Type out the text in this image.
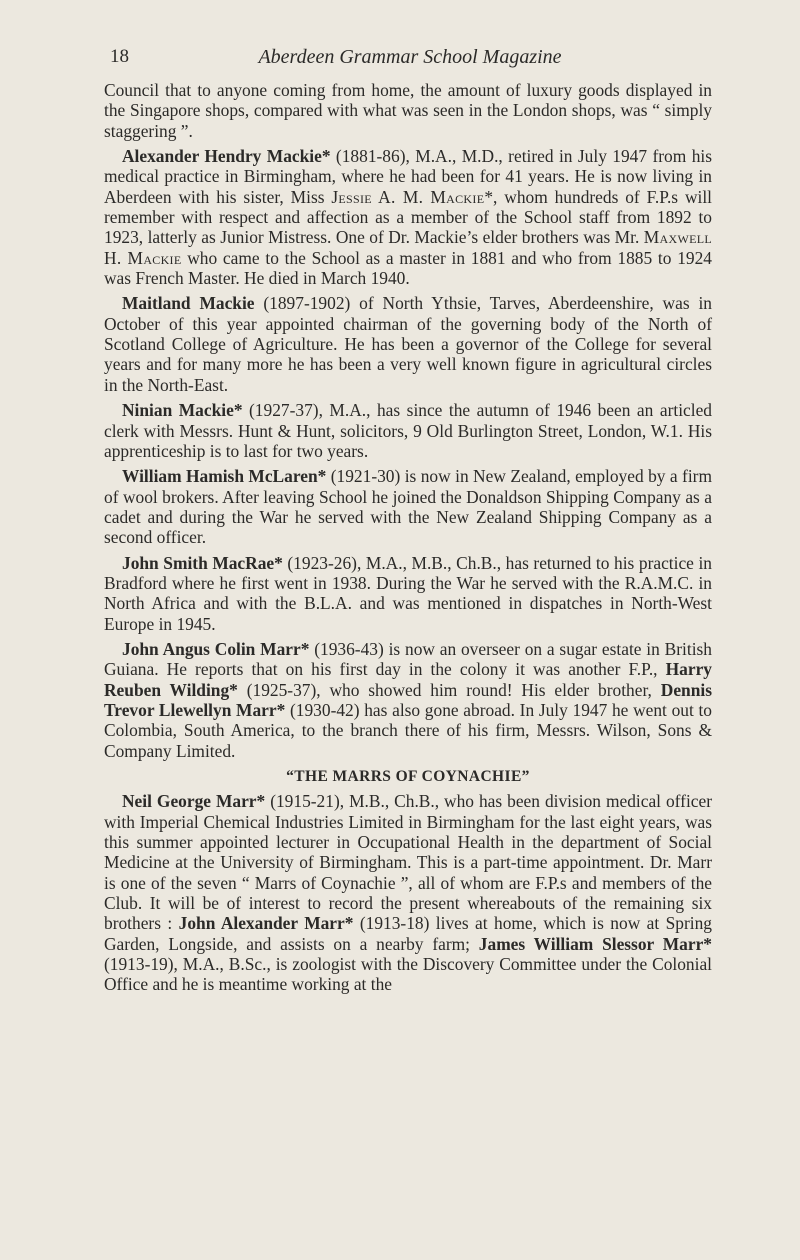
18	Aberdeen Grammar School Magazine

Council that to anyone coming from home, the amount of luxury goods displayed in the Singapore shops, compared with what was seen in the London shops, was “ simply staggering ”.

Alexander Hendry Mackie* (1881-86), M.A., M.D., retired in July 1947 from his medical practice in Birmingham, where he had been for 41 years. He is now living in Aberdeen with his sister, Miss Jessie A. M. Mackie*, whom hundreds of F.P.s will remember with respect and affection as a member of the School staff from 1892 to 1923, latterly as Junior Mistress. One of Dr. Mackie’s elder brothers was Mr. Maxwell H. Mackie who came to the School as a master in 1881 and who from 1885 to 1924 was French Master. He died in March 1940.

Maitland Mackie (1897-1902) of North Ythsie, Tarves, Aberdeenshire, was in October of this year appointed chairman of the governing body of the North of Scotland College of Agriculture. He has been a governor of the College for several years and for many more he has been a very well known figure in agricultural circles in the North-East.

Ninian Mackie* (1927-37), M.A., has since the autumn of 1946 been an articled clerk with Messrs. Hunt & Hunt, solicitors, 9 Old Burlington Street, London, W.1. His apprenticeship is to last for two years.

William Hamish McLaren* (1921-30) is now in New Zealand, employed by a firm of wool brokers. After leaving School he joined the Donaldson Shipping Company as a cadet and during the War he served with the New Zealand Shipping Company as a second officer.

John Smith MacRae* (1923-26), M.A., M.B., Ch.B., has returned to his practice in Bradford where he first went in 1938. During the War he served with the R.A.M.C. in North Africa and with the B.L.A. and was mentioned in dispatches in North-West Europe in 1945.

John Angus Colin Marr* (1936-43) is now an overseer on a sugar estate in British Guiana. He reports that on his first day in the colony it was another F.P., Harry Reuben Wilding* (1925-37), who showed him round! His elder brother, Dennis Trevor Llewellyn Marr* (1930-42) has also gone abroad. In July 1947 he went out to Colombia, South America, to the branch there of his firm, Messrs. Wilson, Sons & Company Limited.

“THE MARRS OF COYNACHIE”

Neil George Marr* (1915-21), M.B., Ch.B., who has been division medical officer with Imperial Chemical Industries Limited in Birmingham for the last eight years, was this summer appointed lecturer in Occupational Health in the department of Social Medicine at the University of Birmingham. This is a part-time appointment. Dr. Marr is one of the seven “ Marrs of Coynachie ”, all of whom are F.P.s and members of the Club. It will be of interest to record the present whereabouts of the remaining six brothers : John Alexander Marr* (1913-18) lives at home, which is now at Spring Garden, Longside, and assists on a nearby farm; James William Slessor Marr* (1913-19), M.A., B.Sc., is zoologist with the Discovery Committee under the Colonial Office and he is meantime working at the
